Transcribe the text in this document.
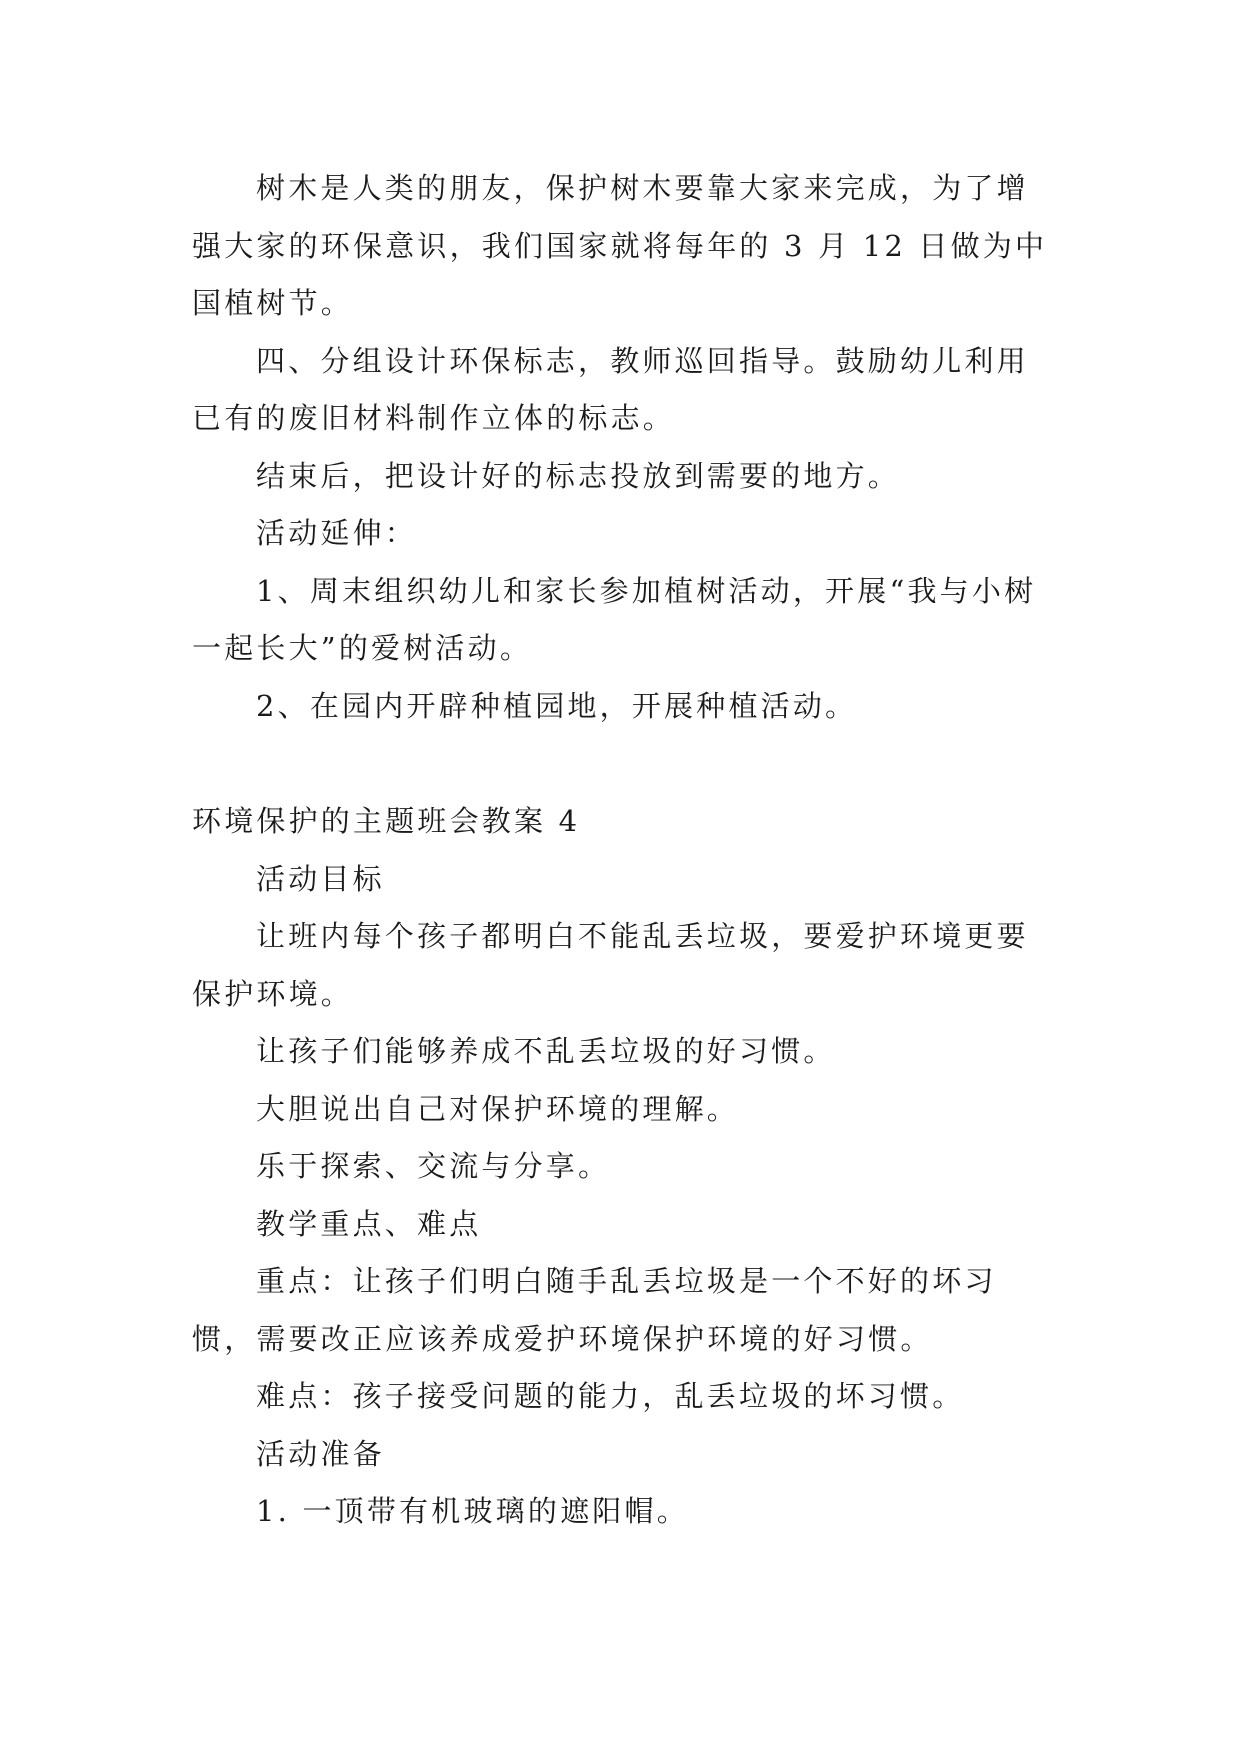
树木是人类的朋友，保护树木要靠大家来完成，为了增强大家的环保意识，我们国家就将每年的 3 月 12 日做为中国植树节。

四、分组设计环保标志，教师巡回指导。鼓励幼儿利用已有的废旧材料制作立体的标志。

结束后，把设计好的标志投放到需要的地方。

活动延伸：

1、周末组织幼儿和家长参加植树活动，开展“我与小树一起长大”的爱树活动。

2、在园内开辟种植园地，开展种植活动。

环境保护的主题班会教案 4

活动目标

让班内每个孩子都明白不能乱丢垃圾，要爱护环境更要保护环境。

让孩子们能够养成不乱丢垃圾的好习惯。

大胆说出自己对保护环境的理解。

乐于探索、交流与分享。

教学重点、难点

重点：让孩子们明白随手乱丢垃圾是一个不好的坏习惯，需要改正应该养成爱护环境保护环境的好习惯。

难点：孩子接受问题的能力，乱丢垃圾的坏习惯。

活动准备

1. 一顶带有机玻璃的遮阳帽。
